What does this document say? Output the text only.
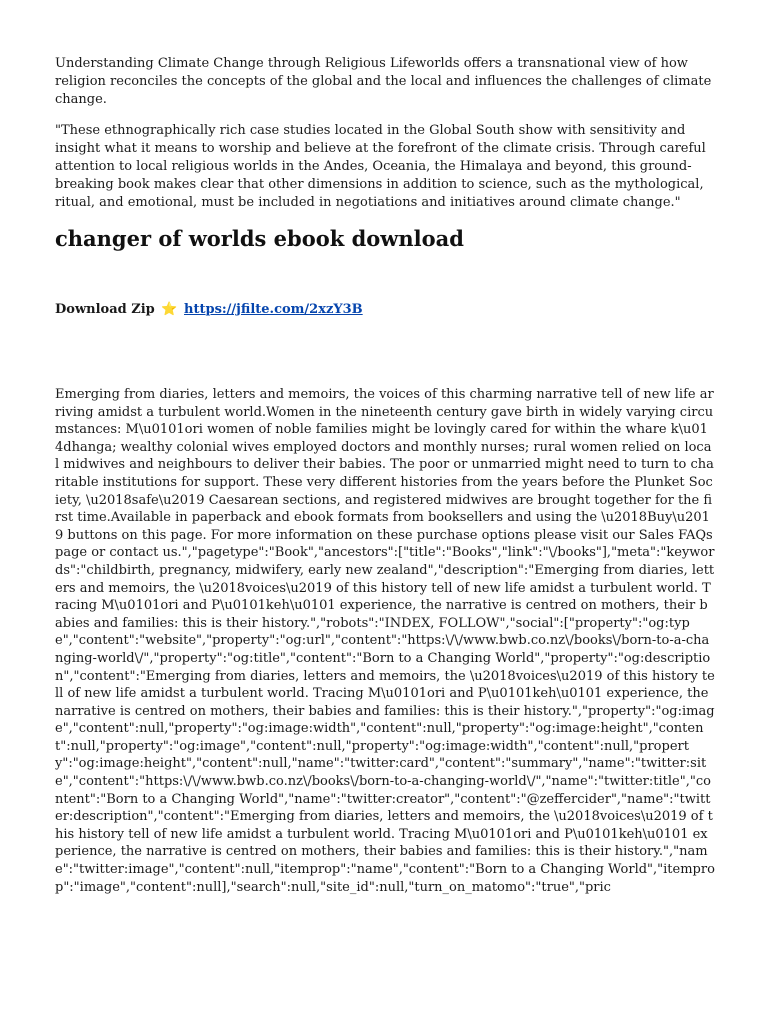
Understanding Climate Change through Religious Lifeworlds offers a transnational view of how religion reconciles the concepts of the global and the local and influences the challenges of climate change.

"These ethnographically rich case studies located in the Global South show with sensitivity and insight what it means to worship and believe at the forefront of the climate crisis. Through careful attention to local religious worlds in the Andes, Oceania, the Himalaya and beyond, this ground-breaking book makes clear that other dimensions in addition to science, such as the mythological, ritual, and emotional, must be included in negotiations and initiatives around climate change."

changer of worlds ebook download
Download Zip ⭐ https://jfilte.com/2xzY3B
Emerging from diaries, letters and memoirs, the voices of this charming narrative tell of new life arriving amidst a turbulent world.Women in the nineteenth century gave birth in widely varying circumstances: M\u0101ori women of noble families might be lovingly cared for within the whare k\u014dhanga; wealthy colonial wives employed doctors and monthly nurses; rural women relied on local midwives and neighbours to deliver their babies. The poor or unmarried might need to turn to charitable institutions for support. These very different histories from the years before the Plunket Society, \u2018safe\u2019 Caesarean sections, and registered midwives are brought together for the first time.Available in paperback and ebook formats from booksellers and using the \u2018Buy\u2019 buttons on this page. For more information on these purchase options please visit our Sales FAQs page or contact us.","pagetype":"Book","ancestors":["title":"Books","link":"\/books"],"meta":"keywords":"childbirth, pregnancy, midwifery, early new zealand","description":"Emerging from diaries, letters and memoirs, the \u2018voices\u2019 of this history tell of new life amidst a turbulent world. Tracing M\u0101ori and P\u0101keh\u0101 experience, the narrative is centred on mothers, their babies and families: this is their history.","robots":"INDEX, FOLLOW","social":["property":"og:type","content":"website","property":"og:url","content":"https:\/\/www.bwb.co.nz\/books\/born-to-a-changing-world\/","property":"og:title","content":"Born to a Changing World","property":"og:description","content":"Emerging from diaries, letters and memoirs, the \u2018voices\u2019 of this history tell of new life amidst a turbulent world. Tracing M\u0101ori and P\u0101keh\u0101 experience, the narrative is centred on mothers, their babies and families: this is their history.","property":"og:image","content":null,"property":"og:image:width","content":null,"property":"og:image:height","content":null,"property":"og:image","content":null,"property":"og:image:width","content":null,"property":"og:image:height","content":null,"name":"twitter:card","content":"summary","name":"twitter:site","content":"https:\/\/www.bwb.co.nz\/books\/born-to-a-changing-world\/","name":"twitter:title","content":"Born to a Changing World","name":"twitter:creator","content":"@zeffercider","name":"twitter:description","content":"Emerging from diaries, letters and memoirs, the \u2018voices\u2019 of this history tell of new life amidst a turbulent world. Tracing M\u0101ori and P\u0101keh\u0101 experience, the narrative is centred on mothers, their babies and families: this is their history.","name":"twitter:image","content":null,"itemprop":"name","content":"Born to a Changing World","itemprop":"image","content":null],"search":null,"site_id":null,"turn_on_matomo":"true","pric
